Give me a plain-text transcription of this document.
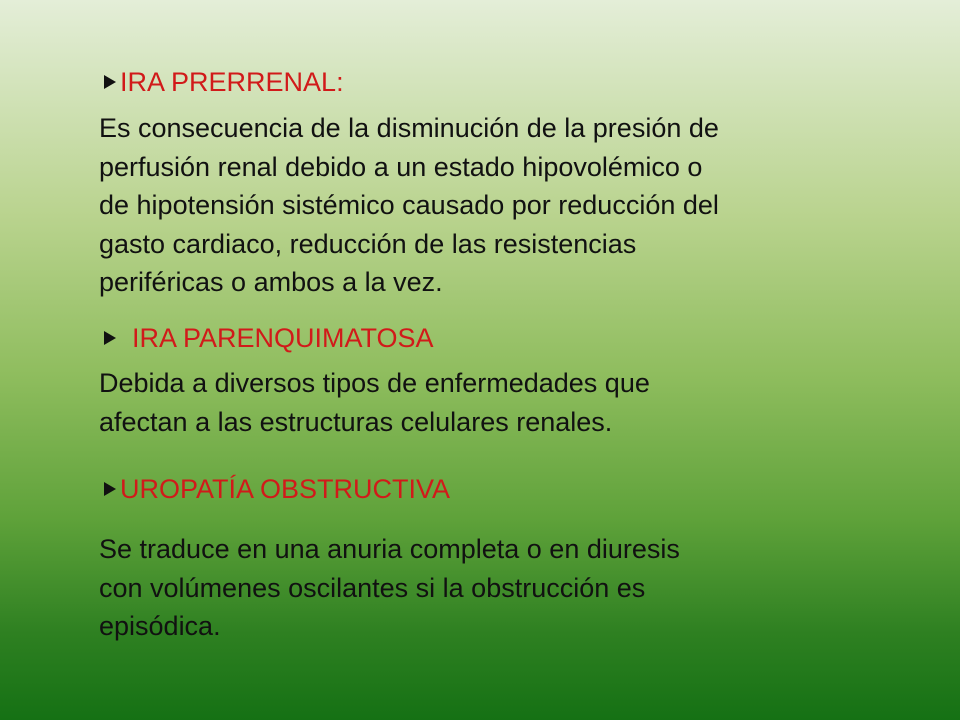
IRA PRERRENAL:
Es consecuencia de la disminución de la presión de
perfusión renal debido a un estado hipovolémico o
de hipotensión sistémico causado por reducción del
gasto cardiaco, reducción de las resistencias
periféricas o ambos a la vez.
IRA PARENQUIMATOSA
Debida a diversos tipos de enfermedades que
afectan a las estructuras celulares renales.
UROPATÍA OBSTRUCTIVA
Se traduce en una anuria completa o en diuresis
con volúmenes oscilantes si la obstrucción es
episódica.
